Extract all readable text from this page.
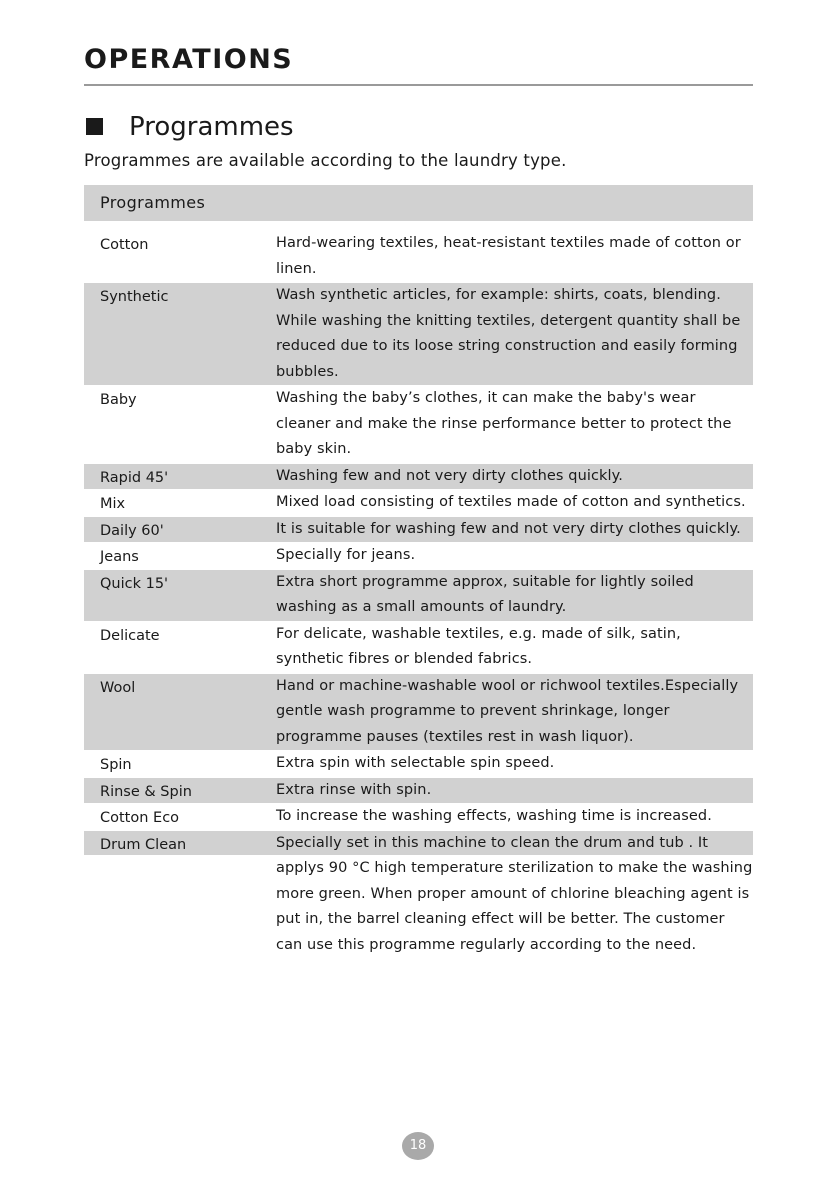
OPERATIONS
Programmes

Programmes are available according to the laundry type.

Programmes
Cotton	Hard-wearing textiles, heat-resistant textiles made of cotton or linen.
Synthetic	Wash synthetic articles, for example: shirts, coats, blending. While washing the knitting textiles, detergent quantity shall be reduced due to its loose string construction and easily forming bubbles.
Baby	Washing the baby’s clothes, it can make the baby's wear cleaner and make the rinse performance better to protect the baby skin.
Rapid 45'	Washing few and not very dirty clothes quickly.
Mix	Mixed load consisting of textiles made of cotton and synthetics.
Daily 60'	It is suitable for washing few and not very dirty clothes quickly.
Jeans	Specially for jeans.
Quick 15'	Extra short programme approx, suitable for lightly soiled washing as a small amounts of laundry.
Delicate	For delicate, washable textiles, e.g. made of silk, satin, synthetic fibres or blended fabrics.
Wool	Hand or machine-washable wool or richwool textiles.Especially gentle wash programme to prevent shrinkage, longer programme pauses (textiles rest in wash liquor).
Spin	Extra spin with selectable spin speed.
Rinse & Spin	Extra rinse with spin.
Cotton Eco	To increase the washing effects, washing time is increased.
Drum Clean	Specially set in this machine to clean the drum and tub . It applys 90 °C high temperature sterilization to make the washing more green. When proper amount of chlorine bleaching agent is put in, the barrel cleaning effect will be better. The customer can use this programme regularly according to the need.
18
